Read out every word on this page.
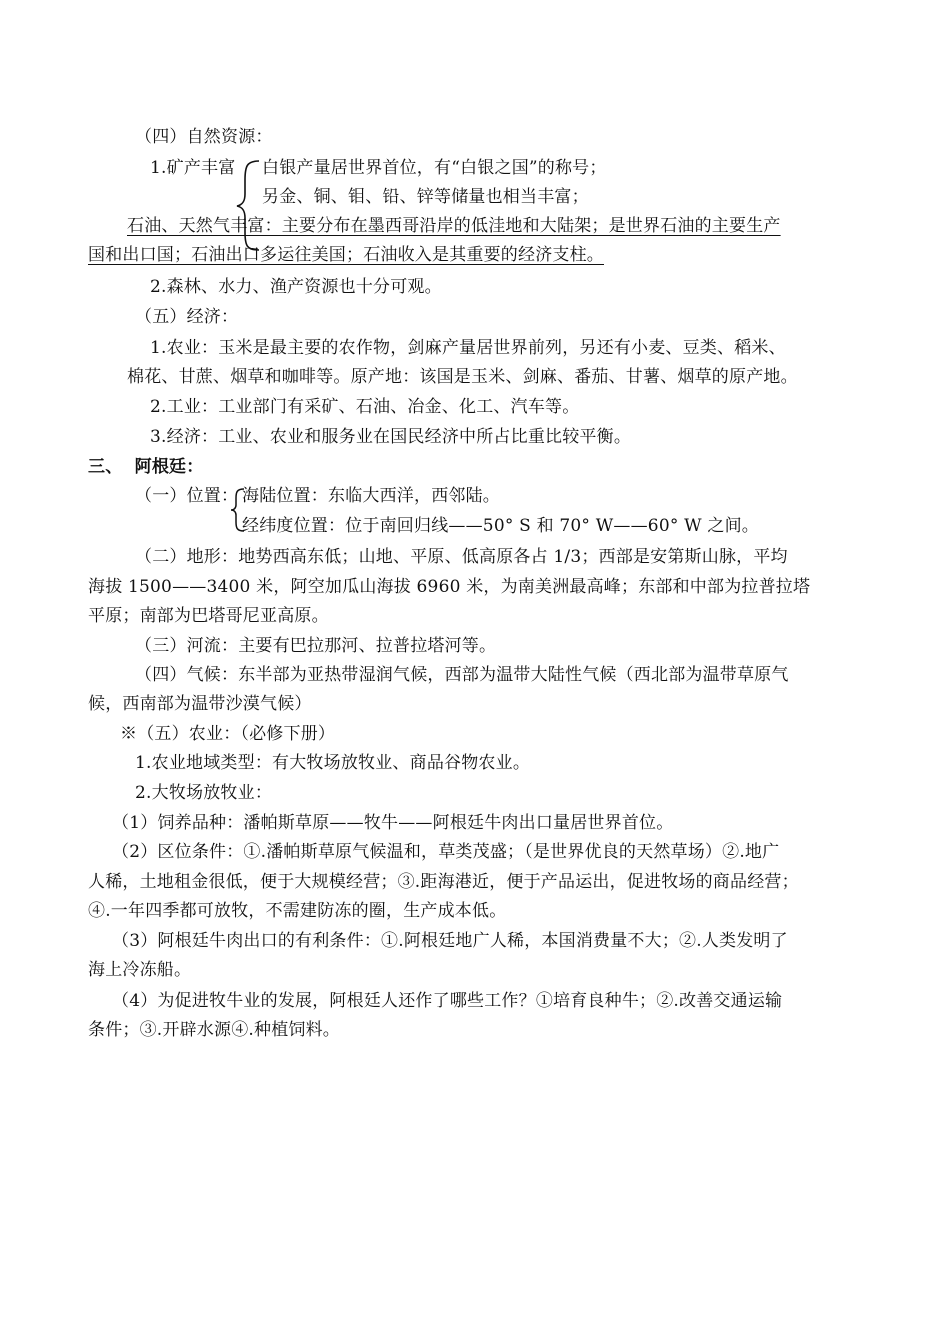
（四）自然资源：
1.矿产丰富 白银产量居世界首位，有“白银之国”的称号；
另金、铜、钼、铅、锌等储量也相当丰富；
石油、天然气丰富：主要分布在墨西哥沿岸的低洼地和大陆架；是世界石油的主要生产
国和出口国；石油出口多运往美国；石油收入是其重要的经济支柱。
2.森林、水力、渔产资源也十分可观。
（五）经济：
1.农业：玉米是最主要的农作物，剑麻产量居世界前列，另还有小麦、豆类、稻米、
棉花、甘蔗、烟草和咖啡等。原产地：该国是玉米、剑麻、番茄、甘薯、烟草的原产地。
2.工业：工业部门有采矿、石油、冶金、化工、汽车等。
3.经济：工业、农业和服务业在国民经济中所占比重比较平衡。
三、  阿根廷：
（一）位置： 海陆位置：东临大西洋，西邻陆。
经纬度位置：位于南回归线——50° S 和 70° W——60° W 之间。
（二）地形：地势西高东低；山地、平原、低高原各占 1/3；西部是安第斯山脉，平均
海拔 1500——3400 米，阿空加瓜山海拔 6960 米，为南美洲最高峰；东部和中部为拉普拉塔
平原；南部为巴塔哥尼亚高原。
（三）河流：主要有巴拉那河、拉普拉塔河等。
（四）气候：东半部为亚热带湿润气候，西部为温带大陆性气候（西北部为温带草原气
候，西南部为温带沙漠气候）
※（五）农业：（必修下册）
1.农业地域类型：有大牧场放牧业、商品谷物农业。
2.大牧场放牧业：
（1）饲养品种：潘帕斯草原——牧牛——阿根廷牛肉出口量居世界首位。
（2）区位条件：①.潘帕斯草原气候温和，草类茂盛；（是世界优良的天然草场）②.地广
人稀，土地租金很低，便于大规模经营；③.距海港近，便于产品运出，促进牧场的商品经营；
④.一年四季都可放牧，不需建防冻的圈，生产成本低。
（3）阿根廷牛肉出口的有利条件：①.阿根廷地广人稀，本国消费量不大；②.人类发明了
海上冷冻船。
（4）为促进牧牛业的发展，阿根廷人还作了哪些工作？①培育良种牛；②.改善交通运输
条件；③.开辟水源④.种植饲料。
